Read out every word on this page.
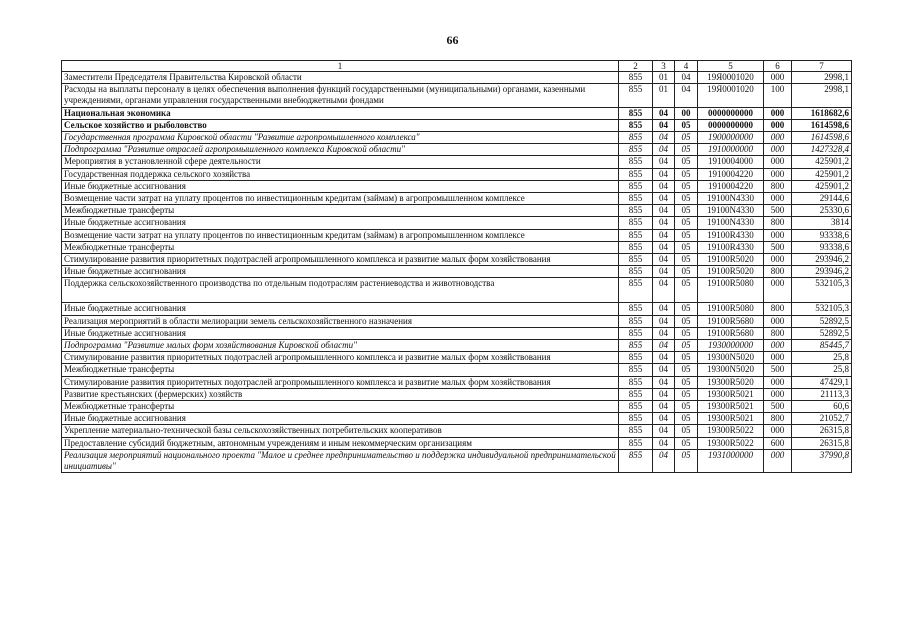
66
1	2	3	4	5	6	7
Заместители Председателя Правительства Кировской области	855	01	04	19Я0001020	000	2998,1
Расходы на выплаты персоналу в целях обеспечения выполнения функций государственными (муниципальными) органами, казенными учреждениями, органами управления государственными внебюджетными фондами	855	01	04	19Я0001020	100	2998,1
Национальная экономика	855	04	00	0000000000	000	1618682,6
Сельское хозяйство и рыболовство	855	04	05	0000000000	000	1614598,6
Государственная программа Кировской области "Развитие агропромышленного комплекса"	855	04	05	1900000000	000	1614598,6
Подпрограмма "Развитие отраслей агропромышленного комплекса Кировской области"	855	04	05	1910000000	000	1427328,4
Мероприятия в установленной сфере деятельности	855	04	05	1910004000	000	425901,2
Государственная поддержка сельского хозяйства	855	04	05	1910004220	000	425901,2
Иные бюджетные ассигнования	855	04	05	1910004220	800	425901,2
Возмещение части затрат на уплату процентов по инвестиционным кредитам (займам) в агропромышленном комплексе	855	04	05	19100N4330	000	29144,6
Межбюджетные трансферты	855	04	05	19100N4330	500	25330,6
Иные бюджетные ассигнования	855	04	05	19100N4330	800	3814
Возмещение части затрат на уплату процентов по инвестиционным кредитам (займам) в агропромышленном комплексе	855	04	05	19100R4330	000	93338,6
Межбюджетные трансферты	855	04	05	19100R4330	500	93338,6
Стимулирование развития приоритетных подотраслей агропромышленного комплекса и развитие малых форм хозяйствования	855	04	05	19100R5020	000	293946,2
Иные бюджетные ассигнования	855	04	05	19100R5020	800	293946,2
Поддержка сельскохозяйственного производства по отдельным подотраслям растениеводства и животноводства	855	04	05	19100R5080	000	532105,3
Иные бюджетные ассигнования	855	04	05	19100R5080	800	532105,3
Реализация мероприятий в области мелиорации земель сельскохозяйственного назначения	855	04	05	19100R5680	000	52892,5
Иные бюджетные ассигнования	855	04	05	19100R5680	800	52892,5
Подпрограмма "Развитие малых форм хозяйствования Кировской области"	855	04	05	1930000000	000	85445,7
Стимулирование развития приоритетных подотраслей агропромышленного комплекса и развитие малых форм хозяйствования	855	04	05	19300N5020	000	25,8
Межбюджетные трансферты	855	04	05	19300N5020	500	25,8
Стимулирование развития приоритетных подотраслей агропромышленного комплекса и развитие малых форм хозяйствования	855	04	05	19300R5020	000	47429,1
Развитие крестьянских (фермерских) хозяйств	855	04	05	19300R5021	000	21113,3
Межбюджетные трансферты	855	04	05	19300R5021	500	60,6
Иные бюджетные ассигнования	855	04	05	19300R5021	800	21052,7
Укрепление материально-технической базы сельскохозяйственных потребительских кооперативов	855	04	05	19300R5022	000	26315,8
Предоставление субсидий бюджетным, автономным учреждениям и иным некоммерческим организациям	855	04	05	19300R5022	600	26315,8
Реализация мероприятий национального проекта "Малое и среднее предпринимательство и поддержка индивидуальной предпринимательской инициативы"	855	04	05	1931000000	000	37990,8
